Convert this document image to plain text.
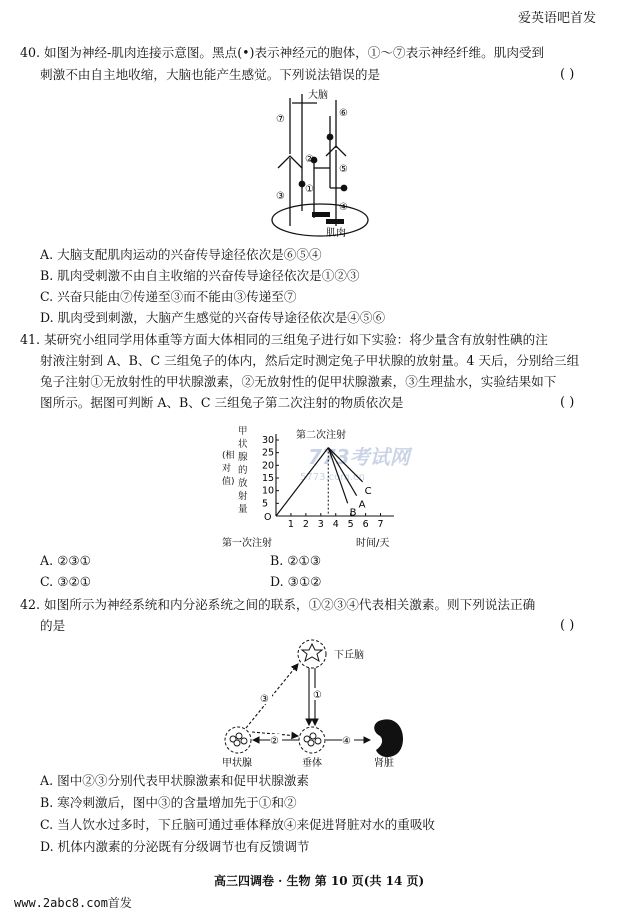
爱英语吧首发
40. 如图为神经-肌肉连接示意图。黑点(•)表示神经元的胞体，①～⑦表示神经纤维。肌肉受到
刺激不由自主地收缩，大脑也能产生感觉。下列说法错误的是	( )
大脑
肌肉
①
②
③
④
⑤
⑥
⑦
A. 大脑支配肌肉运动的兴奋传导途径依次是⑥⑤④
B. 肌肉受刺激不由自主收缩的兴奋传导途径依次是①②③
C. 兴奋只能由⑦传递至③而不能由③传递至⑦
D. 肌肉受到刺激，大脑产生感觉的兴奋传导途径依次是④⑤⑥
41. 某研究小组同学用体重等方面大体相同的三组兔子进行如下实验：将少量含有放射性碘的注
射液注射到 A、B、C 三组兔子的体内，然后定时测定兔子甲状腺的放射量。4 天后，分别给三组
兔子注射①无放射性的甲状腺激素，②无放射性的促甲状腺激素，③生理盐水，实验结果如下
图所示。据图可判断 A、B、C 三组兔子第二次注射的物质依次是	( )
773考试网
5773.com.cn
甲
状
腺
的
放
射
量
(相
对
值)
O
第二次注射
第一次注射	时间/天
1 2 3 4 5 6 7
5
10
15
20
25
30
A
B
C
A. ②③①	B. ②①③
C. ③②①	D. ③①②
42. 如图所示为神经系统和内分泌系统之间的联系，①②③④代表相关激素。则下列说法正确
的是	( )
下丘脑
垂体
甲状腺	肾脏
①
②
③
④
A. 图中②③分别代表甲状腺激素和促甲状腺激素
B. 寒冷刺激后，图中③的含量增加先于①和②
C. 当人饮水过多时，下丘脑可通过垂体释放④来促进肾脏对水的重吸收
D. 机体内激素的分泌既有分级调节也有反馈调节
高三四调卷 · 生物 第 10 页(共 14 页)
www.2abc8.com首发
